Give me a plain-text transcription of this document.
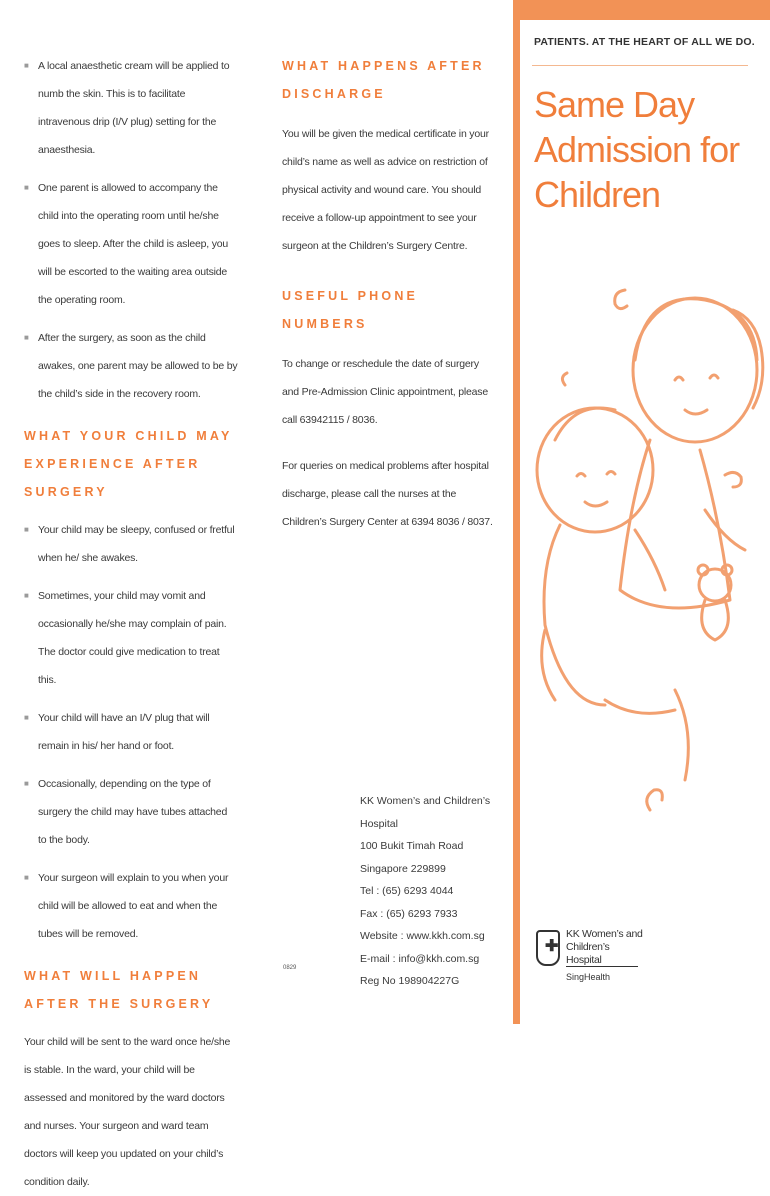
■ A local anaesthetic cream will be applied to numb the skin. This is to facilitate intravenous drip (I/V plug) setting for the anaesthesia.
■ One parent is allowed to accompany the child into the operating room until he/she goes to sleep. After the child is asleep, you will be escorted to the waiting area outside the operating room.
■ After the surgery, as soon as the child awakes, one parent may be allowed to be by the child’s side in the recovery room.
WHAT YOUR CHILD MAY EXPERIENCE AFTER SURGERY
■ Your child may be sleepy, confused or fretful when he/ she awakes.
■ Sometimes, your child may vomit and occasionally he/she may complain of pain. The doctor could give medication to treat this.
■ Your child will have an I/V plug that will remain in his/ her hand or foot.
■ Occasionally, depending on the type of surgery the child may have tubes attached to the body.
■ Your surgeon will explain to you when your child will be allowed to eat and when the tubes will be removed.
WHAT WILL HAPPEN AFTER THE SURGERY
Your child will be sent to the ward once he/she is stable. In the ward, your child will be assessed and monitored by the ward doctors and nurses. Your surgeon and ward team doctors will keep you updated on your child’s condition daily.
WHAT HAPPENS AFTER DISCHARGE
You will be given the medical certificate in your child’s name as well as advice on restriction of physical activity and wound care. You should receive a follow-up appointment to see your surgeon at the Children’s Surgery Centre.
USEFUL PHONE NUMBERS
To change or reschedule the date of surgery and Pre-Admission Clinic appointment, please call 63942115 / 8036.
For queries on medical problems after hospital discharge, please call the nurses at the Children’s Surgery Center at 6394 8036 / 8037.
KK Women’s and Children’s Hospital
100 Bukit Timah Road
Singapore 229899
Tel : (65) 6293 4044
Fax : (65) 6293 7933
Website : www.kkh.com.sg
E-mail : info@kkh.com.sg
Reg No 198904227G
0829
PATIENTS. AT THE HEART OF ALL WE DO.
Same Day Admission for Children
✚
KK Women’s and Children’s Hospital
SingHealth
